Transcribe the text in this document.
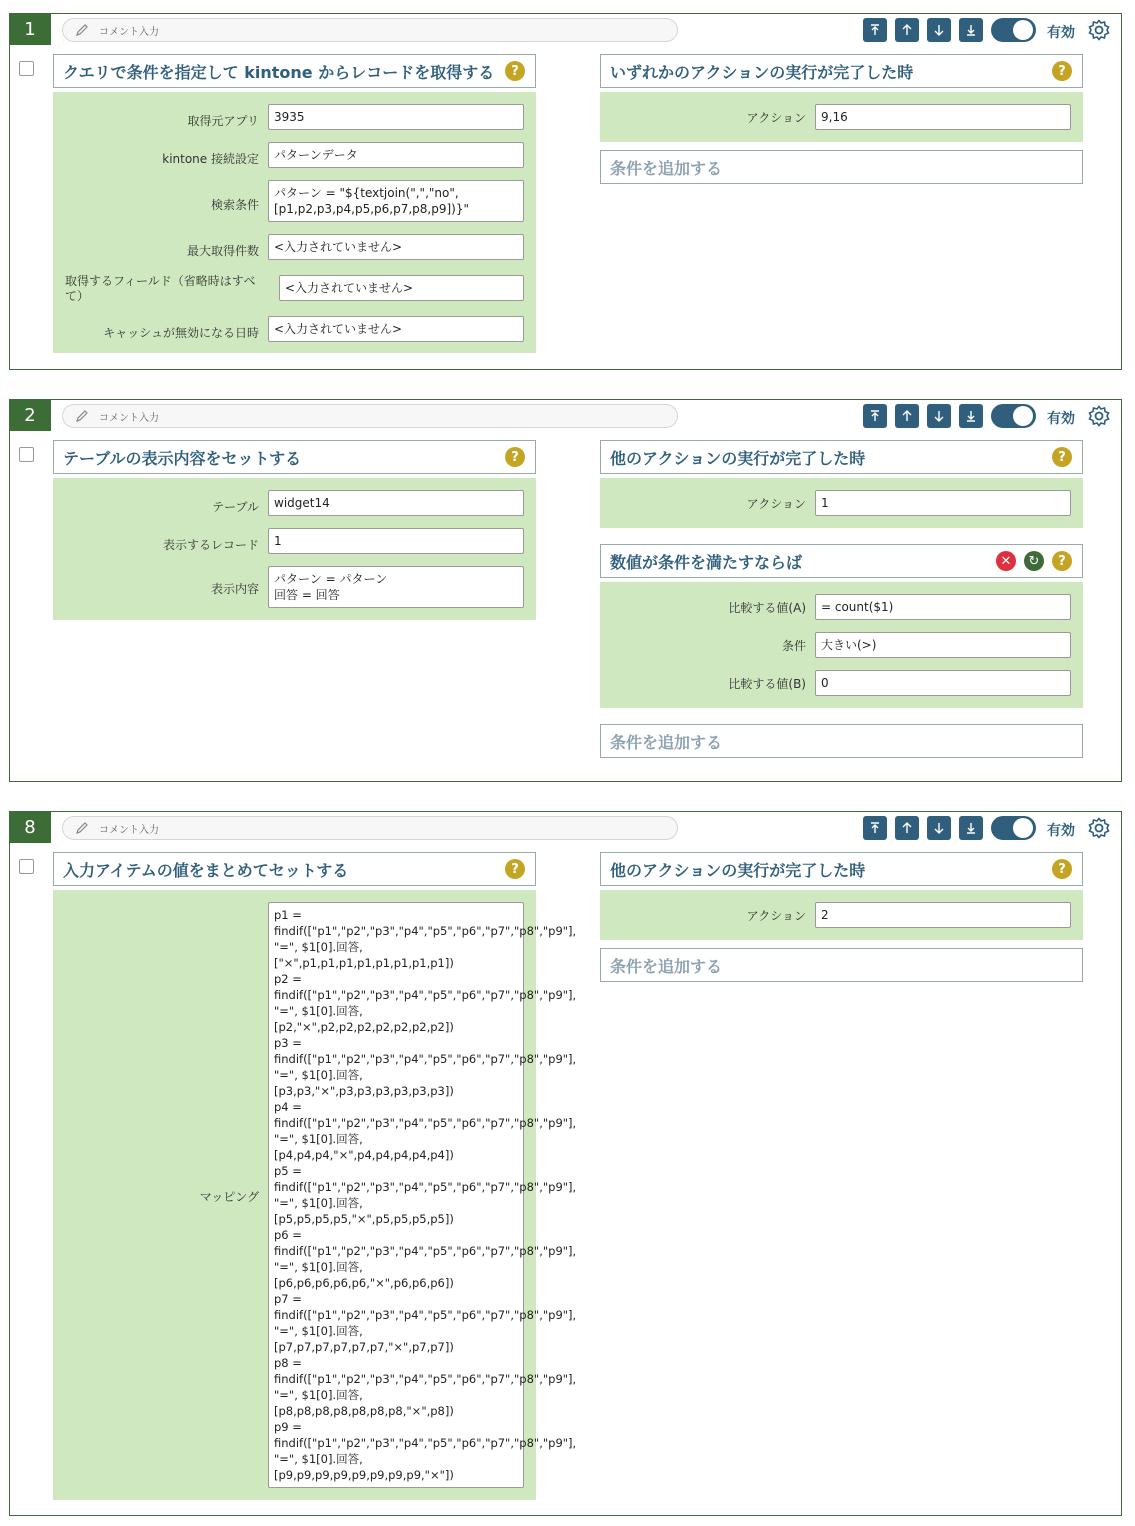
1	コメント入力	有効
クエリで条件を指定して kintone からレコードを取得する	?
取得元アプリ	3935
kintone 接続設定	パターンデータ
検索条件
パターン = "${textjoin(",","no",
[p1,p2,p3,p4,p5,p6,p7,p8,p9])}"
最大取得件数	<入力されていません>
取得するフィールド（省略時はすべて）
<入力されていません>
キャッシュが無効になる日時	<入力されていません>
いずれかのアクションの実行が完了した時	?
アクション	9,16
条件を追加する
2	コメント入力	有効
テーブルの表示内容をセットする	?
テーブル	widget14
表示するレコード	1
表示内容
パターン = パターン
回答 = 回答
他のアクションの実行が完了した時	?
アクション	1
数値が条件を満たすならば	✕	↻	?
比較する値(A)	= count($1)
条件	大きい(>)
比較する値(B)	0
条件を追加する
8	コメント入力	有効
入力アイテムの値をまとめてセットする	?
マッピング
p1 =
findif(["p1","p2","p3","p4","p5","p6","p7","p8","p9"],
"=", $1[0].回答,
["×",p1,p1,p1,p1,p1,p1,p1,p1])
p2 =
findif(["p1","p2","p3","p4","p5","p6","p7","p8","p9"],
"=", $1[0].回答,
[p2,"×",p2,p2,p2,p2,p2,p2,p2])
p3 =
findif(["p1","p2","p3","p4","p5","p6","p7","p8","p9"],
"=", $1[0].回答,
[p3,p3,"×",p3,p3,p3,p3,p3,p3])
p4 =
findif(["p1","p2","p3","p4","p5","p6","p7","p8","p9"],
"=", $1[0].回答,
[p4,p4,p4,"×",p4,p4,p4,p4,p4])
p5 =
findif(["p1","p2","p3","p4","p5","p6","p7","p8","p9"],
"=", $1[0].回答,
[p5,p5,p5,p5,"×",p5,p5,p5,p5])
p6 =
findif(["p1","p2","p3","p4","p5","p6","p7","p8","p9"],
"=", $1[0].回答,
[p6,p6,p6,p6,p6,"×",p6,p6,p6])
p7 =
findif(["p1","p2","p3","p4","p5","p6","p7","p8","p9"],
"=", $1[0].回答,
[p7,p7,p7,p7,p7,p7,"×",p7,p7])
p8 =
findif(["p1","p2","p3","p4","p5","p6","p7","p8","p9"],
"=", $1[0].回答,
[p8,p8,p8,p8,p8,p8,p8,"×",p8])
p9 =
findif(["p1","p2","p3","p4","p5","p6","p7","p8","p9"],
"=", $1[0].回答,
[p9,p9,p9,p9,p9,p9,p9,p9,"×"])
他のアクションの実行が完了した時	?
アクション	2
条件を追加する
